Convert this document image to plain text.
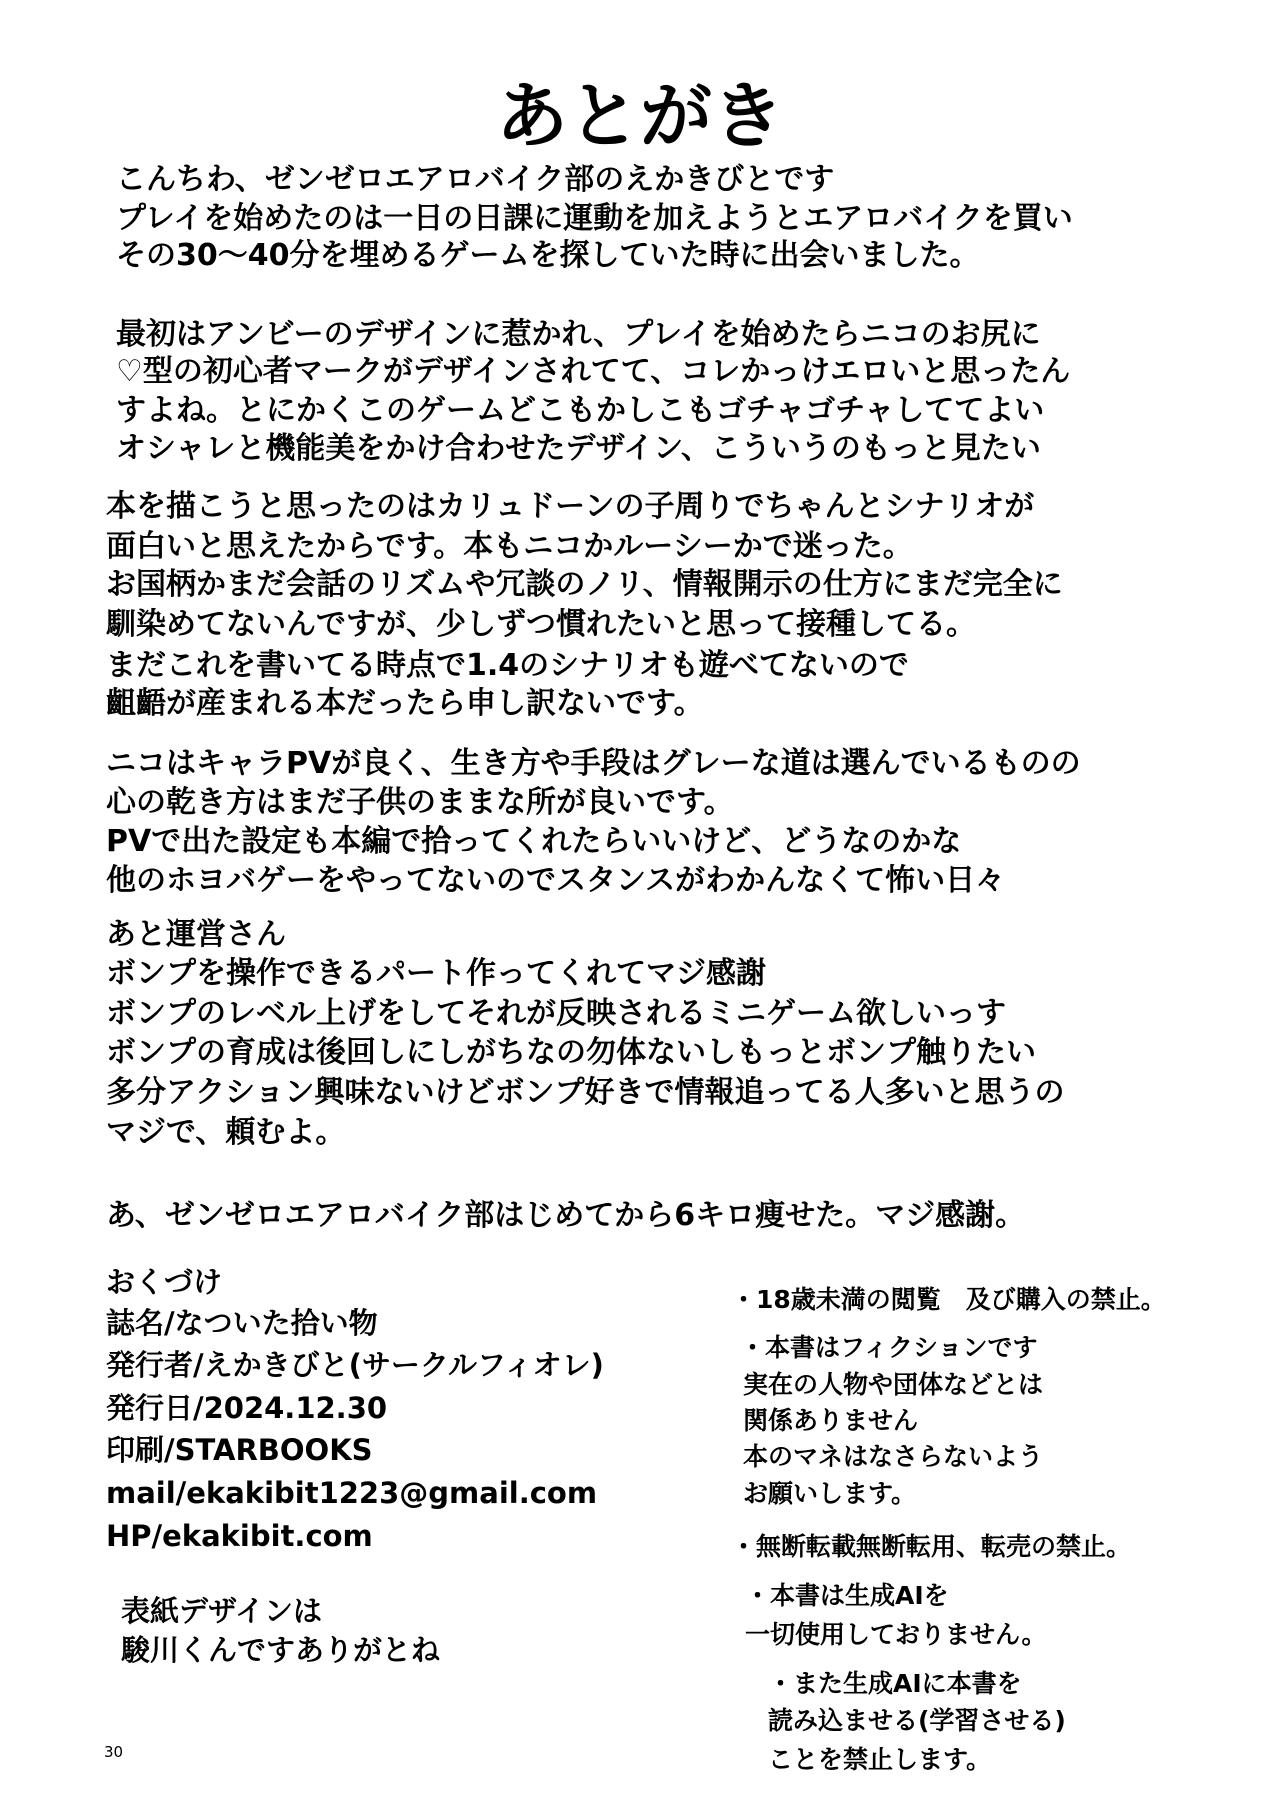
あとがき
こんちわ、ゼンゼロエアロバイク部のえかきびとです
プレイを始めたのは一日の日課に運動を加えようとエアロバイクを買い
その30〜40分を埋めるゲームを探していた時に出会いました。
最初はアンビーのデザインに惹かれ、プレイを始めたらニコのお尻に
♡型の初心者マークがデザインされてて、コレかっけエロいと思ったん
すよね。とにかくこのゲームどこもかしこもゴチャゴチャしててよい
オシャレと機能美をかけ合わせたデザイン、こういうのもっと見たい
本を描こうと思ったのはカリュドーンの子周りでちゃんとシナリオが
面白いと思えたからです。本もニコかルーシーかで迷った。
お国柄かまだ会話のリズムや冗談のノリ、情報開示の仕方にまだ完全に
馴染めてないんですが、少しずつ慣れたいと思って接種してる。
まだこれを書いてる時点で1.4のシナリオも遊べてないので
齟齬が産まれる本だったら申し訳ないです。
ニコはキャラPVが良く、生き方や手段はグレーな道は選んでいるものの
心の乾き方はまだ子供のままな所が良いです。
PVで出た設定も本編で拾ってくれたらいいけど、どうなのかな
他のホヨバゲーをやってないのでスタンスがわかんなくて怖い日々
あと運営さん
ボンプを操作できるパート作ってくれてマジ感謝
ボンプのレベル上げをしてそれが反映されるミニゲーム欲しいっす
ボンプの育成は後回しにしがちなの勿体ないしもっとボンプ触りたい
多分アクション興味ないけどボンプ好きで情報追ってる人多いと思うの
マジで、頼むよ。
あ、ゼンゼロエアロバイク部はじめてから6キロ痩せた。マジ感謝。
おくづけ
誌名/なついた拾い物
発行者/えかきびと(サークルフィオレ)
発行日/2024.12.30
印刷/STARBOOKS
mail/ekakibit1223@gmail.com
HP/ekakibit.com
表紙デザインは
駿川くんですありがとね
30
・18歳未満の閲覧　及び購入の禁止。
・本書はフィクションです
実在の人物や団体などとは
関係ありません
本のマネはなさらないよう
お願いします。
・無断転載無断転用、転売の禁止。
・本書は生成AIを
一切使用しておりません。
・また生成AIに本書を
読み込ませる(学習させる)
ことを禁止します。
